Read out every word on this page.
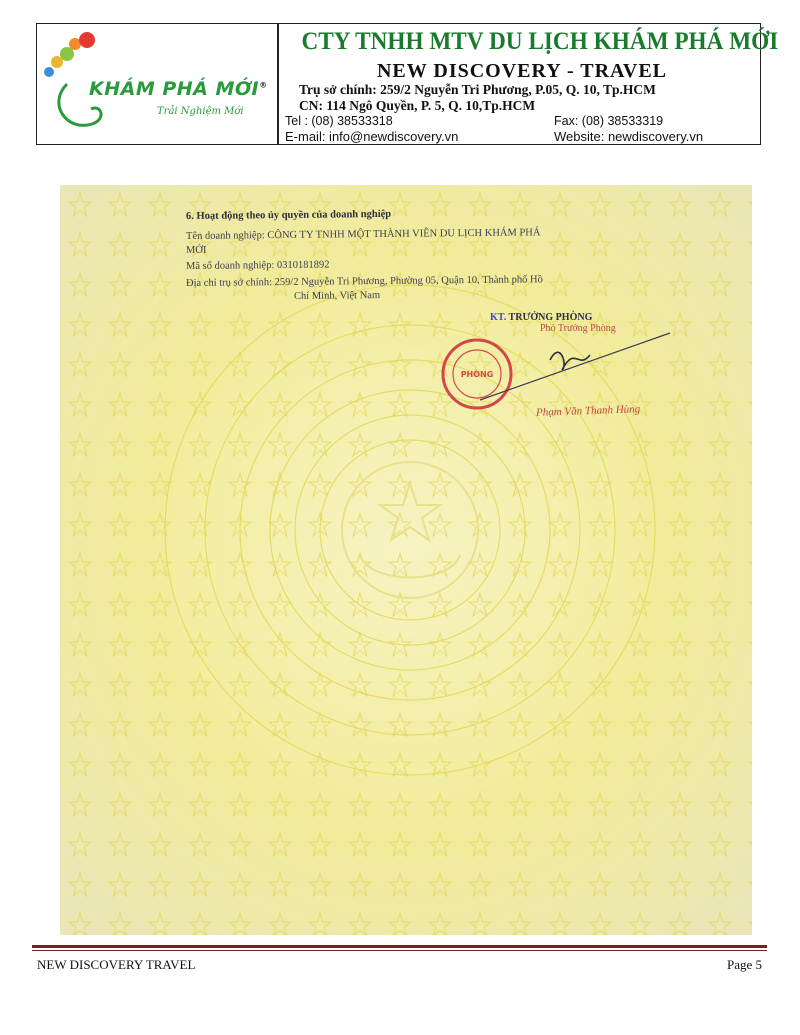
KHÁM PHÁ MỚI®
Trải Nghiệm Mới
CTY TNHH MTV DU LỊCH KHÁM PHÁ MỚI
NEW DISCOVERY - TRAVEL
Trụ sở chính: 259/2 Nguyễn Tri Phương, P.05, Q. 10, Tp.HCM
CN: 114 Ngô Quyền, P. 5, Q. 10,Tp.HCM
Tel : (08) 38533318	Fax: (08) 38533319
E-mail: info@newdiscovery.vn	Website: newdiscovery.vn
6. Hoạt động theo ủy quyền của doanh nghiệp
Tên doanh nghiệp: CÔNG TY TNHH MỘT THÀNH VIÊN DU LỊCH KHÁM PHÁ
MỚI
Mã số doanh nghiệp: 0310181892
Địa chỉ trụ sở chính: 259/2 Nguyễn Tri Phương, Phường 05, Quận 10, Thành phố Hồ
Chí Minh, Việt Nam
KT. TRƯỞNG PHÒNG
Phó Trưởng Phòng
PHÒNG
Phạm Văn Thanh Hùng
NEW DISCOVERY TRAVEL	Page 5
